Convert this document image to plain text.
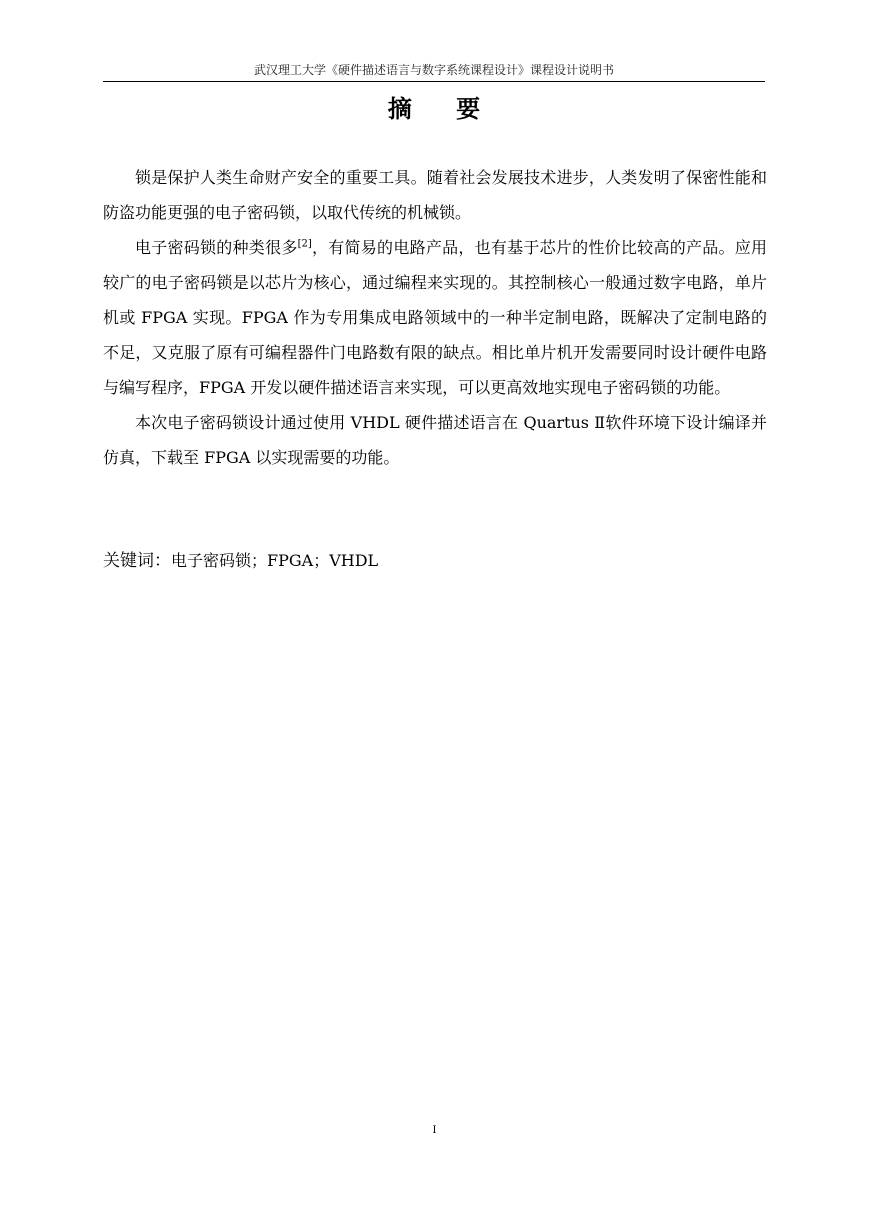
武汉理工大学《硬件描述语言与数字系统课程设计》课程设计说明书
摘 要

锁是保护人类生命财产安全的重要工具。随着社会发展技术进步，人类发明了保密性能和防盗功能更强的电子密码锁，以取代传统的机械锁。

电子密码锁的种类很多[2]，有简易的电路产品，也有基于芯片的性价比较高的产品。应用较广的电子密码锁是以芯片为核心，通过编程来实现的。其控制核心一般通过数字电路，单片机或 FPGA 实现。FPGA 作为专用集成电路领域中的一种半定制电路，既解决了定制电路的不足，又克服了原有可编程器件门电路数有限的缺点。相比单片机开发需要同时设计硬件电路与编写程序，FPGA 开发以硬件描述语言来实现，可以更高效地实现电子密码锁的功能。

本次电子密码锁设计通过使用 VHDL 硬件描述语言在 Quartus Ⅱ软件环境下设计编译并仿真，下载至 FPGA 以实现需要的功能。

关键词：电子密码锁；FPGA；VHDL
I
